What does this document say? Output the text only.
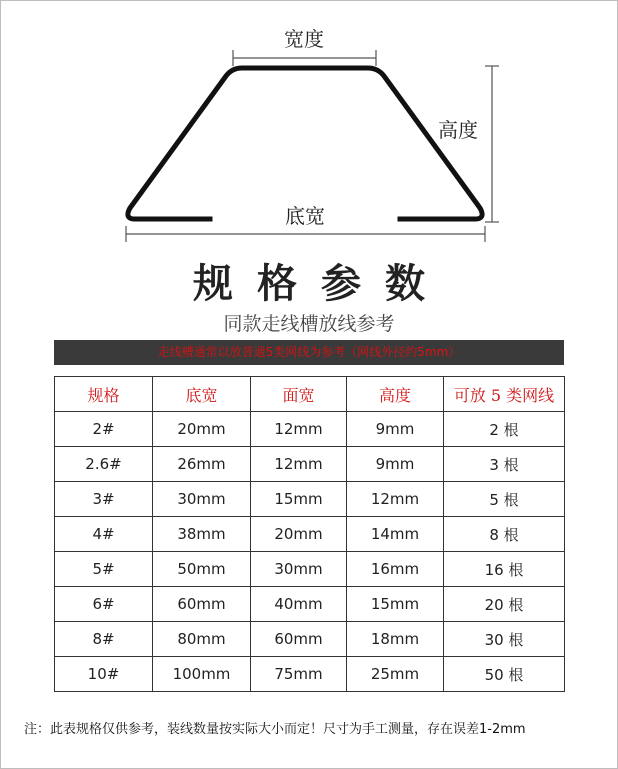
宽度
高度
底宽
规格参数
同款走线槽放线参考
走线槽通常以放普通5类网线为参考（网线外径约5mm）
规格	底宽	面宽	高度	可放 5 类网线
2#	20mm	12mm	9mm	2 根
2.6#	26mm	12mm	9mm	3 根
3#	30mm	15mm	12mm	5 根
4#	38mm	20mm	14mm	8 根
5#	50mm	30mm	16mm	16 根
6#	60mm	40mm	15mm	20 根
8#	80mm	60mm	18mm	30 根
10#	100mm	75mm	25mm	50 根
注：此表规格仅供参考，装线数量按实际大小而定！尺寸为手工测量，存在误差1-2mm
